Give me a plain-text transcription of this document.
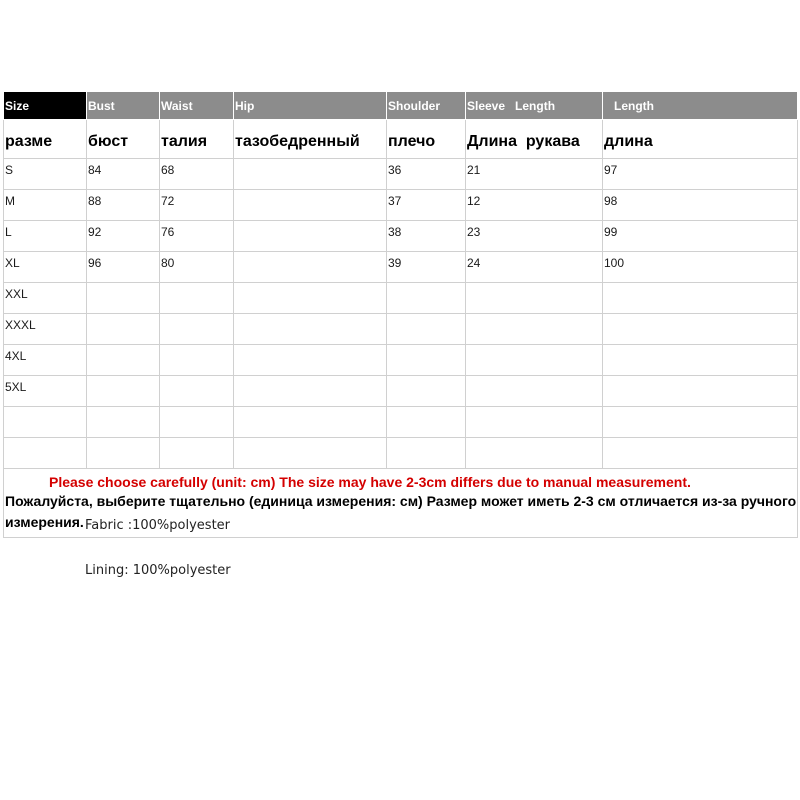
Size	Bust	Waist	Hip	Shoulder	Sleeve   Length	Length
разме	бюст	талия	тазобедренный	плечо	Длина  рукава	длина
S	84	68		36	21	97
M	88	72		37	12	98
L	92	76		38	23	99
XL	96	80		39	24	100
XXL						
XXXL						
4XL						
5XL						

Please choose carefully (unit: cm) The size may have 2-3cm differs due to manual measurement.
Пожалуйста, выберите тщательно (единица измерения: см) Размер может иметь 2-3 см отличается из-за ручного измерения.						Fabric :100%polyester
Lining: 100%polyester
